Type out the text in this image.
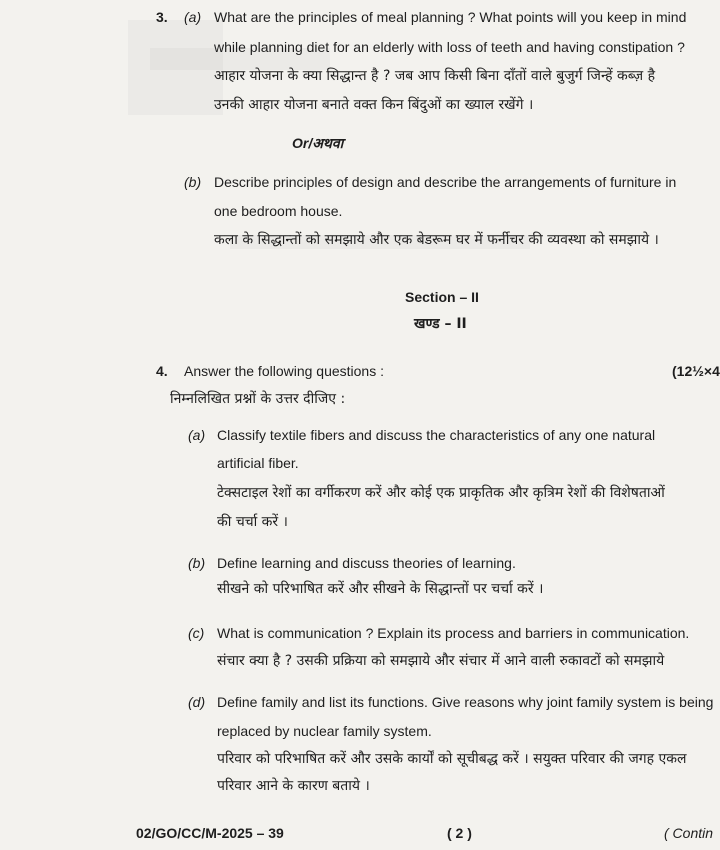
3. (a) What are the principles of meal planning ? What points will you keep in mind
while planning diet for an elderly with loss of teeth and having constipation ?
आहार योजना के क्या सिद्धान्त है ? जब आप किसी बिना दाँतों वाले बुजुर्ग जिन्हें कब्ज़ है
उनकी आहार योजना बनाते वक्त किन बिंदुओं का ख्याल रखेंगे ।
Or/अथवा
(b) Describe principles of design and describe the arrangements of furniture in
one bedroom house.
कला के सिद्धान्तों को समझाये और एक बेडरूम घर में फर्नीचर की व्यवस्था को समझाये ।
Section – II
खण्ड – II
4. Answer the following questions :	(12½×4
निम्नलिखित प्रश्नों के उत्तर दीजिए :
(a) Classify textile fibers and discuss the characteristics of any one natural
artificial fiber.
टेक्सटाइल रेशों का वर्गीकरण करें और कोई एक प्राकृतिक और कृत्रिम रेशों की विशेषताओं
की चर्चा करें ।
(b) Define learning and discuss theories of learning.
सीखने को परिभाषित करें और सीखने के सिद्धान्तों पर चर्चा करें ।
(c) What is communication ? Explain its process and barriers in communication.
संचार क्या है ? उसकी प्रक्रिया को समझाये और संचार में आने वाली रुकावटों को समझाये
(d) Define family and list its functions. Give reasons why joint family system is being
replaced by nuclear family system.
परिवार को परिभाषित करें और उसके कार्यों को सूचीबद्ध करें । सयुक्त परिवार की जगह एकल
परिवार आने के कारण बताये ।
02/GO/CC/M-2025 – 39	( 2 )	( Contin
